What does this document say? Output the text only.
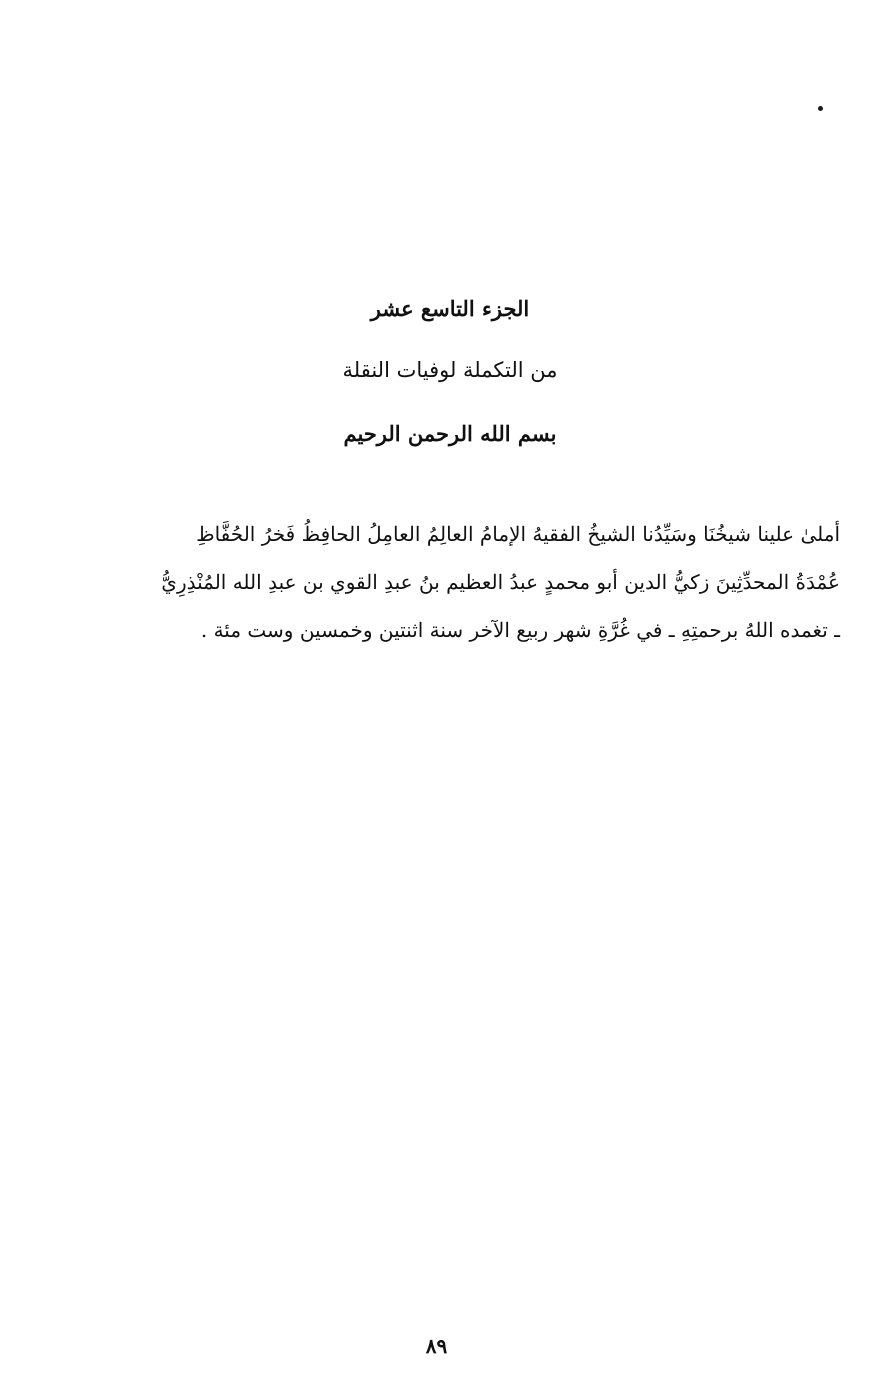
الجزء التاسع عشر
من التكملة لوفيات النقلة
بسم الله الرحمن الرحيم
أملىٰ علينا شيخُنَا وسَيِّدُنا الشيخُ الفقيهُ الإمامُ العالِمُ العامِلُ الحافِظُ فَخرُ الحُفَّاظِ
عُمْدَةُ المحدِّثِينَ زكيُّ الدين أبو محمدٍ عبدُ العظيم بنُ عبدِ القوي بن عبدِ الله المُنْذِرِيُّ
ـ تغمده اللهُ برحمتِهِ ـ في غُرَّةِ شهر ربيع الآخر سنة اثنتين وخمسين وست مئة .
٨٩
